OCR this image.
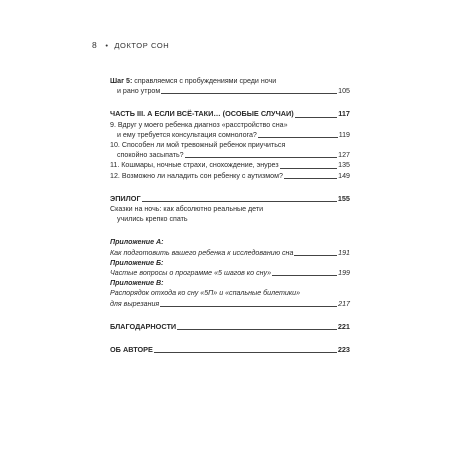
8 • ДОКТОР СОН
Шаг 5: справляемся с пробуждениями среди ночи
и рано утром	105
ЧАСТЬ III. А ЕСЛИ ВСЁ-ТАКИ… (ОСОБЫЕ СЛУЧАИ)	117
9. Вдруг у моего ребенка диагноз «расстройство сна»
и ему требуется консультация сомнолога?	119
10. Способен ли мой тревожный ребенок приучиться
спокойно засыпать?	127
11. Кошмары, ночные страхи, снохождение, энурез	135
12. Возможно ли наладить сон ребенку с аутизмом?	149
ЭПИЛОГ	155
Сказки на ночь: как абсолютно реальные дети
учились крепко спать
Приложение А:
Как подготовить вашего ребенка к исследованию сна	191
Приложение Б:
Частые вопросы о программе «5 шагов ко сну»	199
Приложение В:
Распорядок отхода ко сну «5П» и «спальные билетики»
для вырезания	217
БЛАГОДАРНОСТИ	221
ОБ АВТОРЕ	223
